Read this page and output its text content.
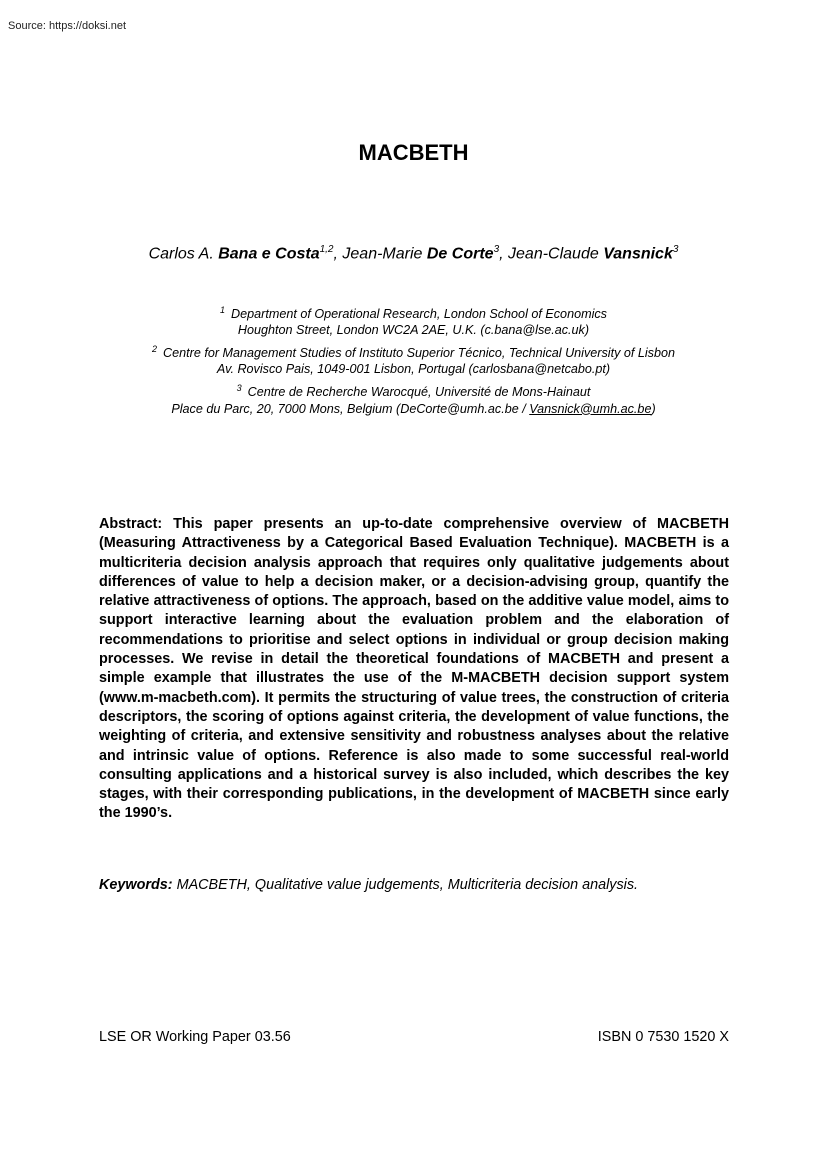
Source: https://doksi.net
MACBETH
Carlos A. Bana e Costa$^{1,2}$, Jean-Marie De Corte$^3$, Jean-Claude Vansnick$^3$
$^1$ Department of Operational Research, London School of Economics
Houghton Street, London WC2A 2AE, U.K. (c.bana@lse.ac.uk)
$^2$ Centre for Management Studies of Instituto Superior Técnico, Technical University of Lisbon
Av. Rovisco Pais, 1049-001 Lisbon, Portugal (carlosbana@netcabo.pt)
$^3$ Centre de Recherche Warocqué, Université de Mons-Hainaut
Place du Parc, 20, 7000 Mons, Belgium (DeCorte@umh.ac.be / Vansnick@umh.ac.be)
Abstract: This paper presents an up-to-date comprehensive overview of MACBETH (Measuring Attractiveness by a Categorical Based Evaluation Technique). MACBETH is a multicriteria decision analysis approach that requires only qualitative judgements about differences of value to help a decision maker, or a decision-advising group, quantify the relative attractiveness of options. The approach, based on the additive value model, aims to support interactive learning about the evaluation problem and the elaboration of recommendations to prioritise and select options in individual or group decision making processes. We revise in detail the theoretical foundations of MACBETH and present a simple example that illustrates the use of the M-MACBETH decision support system (www.m-macbeth.com). It permits the structuring of value trees, the construction of criteria descriptors, the scoring of options against criteria, the development of value functions, the weighting of criteria, and extensive sensitivity and robustness analyses about the relative and intrinsic value of options. Reference is also made to some successful real-world consulting applications and a historical survey is also included, which describes the key stages, with their corresponding publications, in the development of MACBETH since early the 1990’s.
Keywords: MACBETH, Qualitative value judgements, Multicriteria decision analysis.
LSE OR Working Paper 03.56	ISBN 0 7530 1520 X
